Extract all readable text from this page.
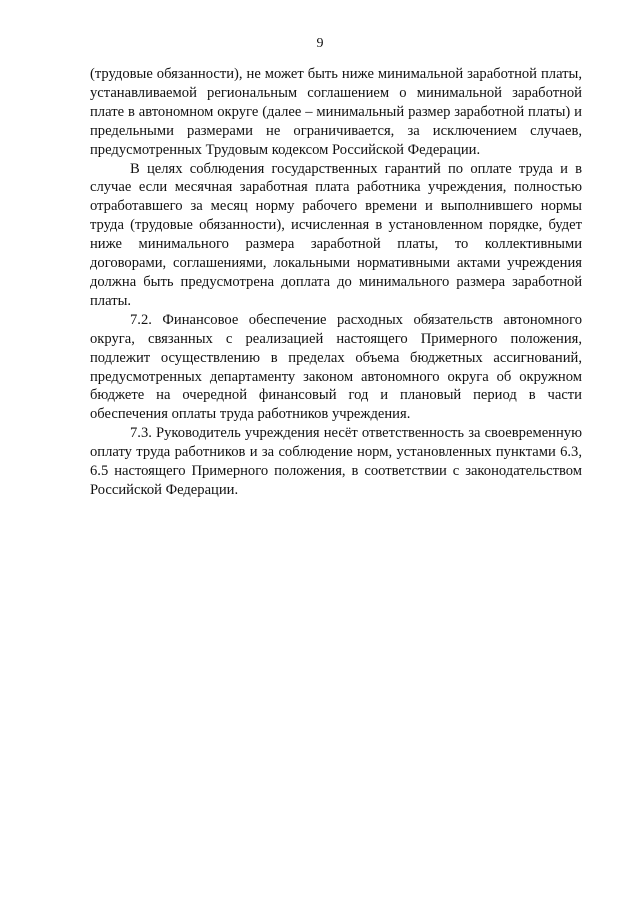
9

(трудовые обязанности), не может быть ниже минимальной заработной платы, устанавливаемой региональным соглашением о минимальной заработной плате в автономном округе (далее – минимальный размер заработной платы) и предельными размерами не ограничивается, за исключением случаев, предусмотренных Трудовым кодексом Российской Федерации.

В целях соблюдения государственных гарантий по оплате труда и в случае если месячная заработная плата работника учреждения, полностью отработавшего за месяц норму рабочего времени и выполнившего нормы труда (трудовые обязанности), исчисленная в установленном порядке, будет ниже минимального размера заработной платы, то коллективными договорами, соглашениями, локальными нормативными актами учреждения должна быть предусмотрена доплата до минимального размера заработной платы.

7.2. Финансовое обеспечение расходных обязательств автономного округа, связанных с реализацией настоящего Примерного положения, подлежит осуществлению в пределах объема бюджетных ассигнований, предусмотренных департаменту законом автономного округа об окружном бюджете на очередной финансовый год и плановый период в части обеспечения оплаты труда работников учреждения.

7.3. Руководитель учреждения несёт ответственность за своевременную оплату труда работников и за соблюдение норм, установленных пунктами 6.3, 6.5 настоящего Примерного положения, в соответствии с законодательством Российской Федерации.
